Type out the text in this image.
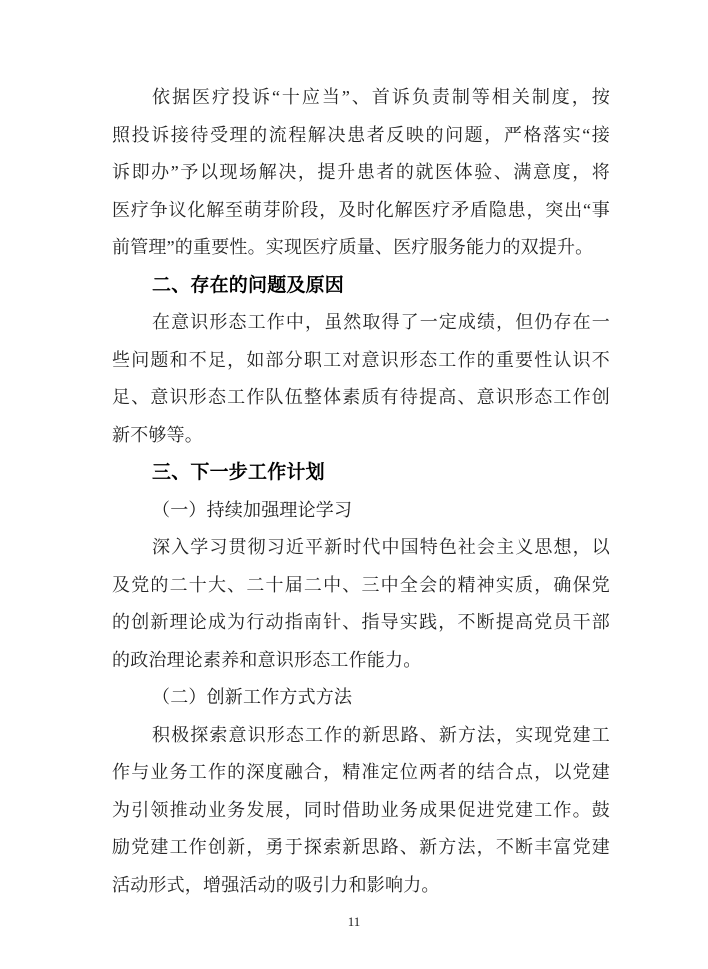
依据医疗投诉“十应当”、首诉负责制等相关制度，按
照投诉接待受理的流程解决患者反映的问题，严格落实“接
诉即办”予以现场解决，提升患者的就医体验、满意度，将
医疗争议化解至萌芽阶段，及时化解医疗矛盾隐患，突出“事
前管理”的重要性。实现医疗质量、医疗服务能力的双提升。
二、存在的问题及原因
在意识形态工作中，虽然取得了一定成绩，但仍存在一
些问题和不足，如部分职工对意识形态工作的重要性认识不
足、意识形态工作队伍整体素质有待提高、意识形态工作创
新不够等。
三、下一步工作计划
（一）持续加强理论学习
深入学习贯彻习近平新时代中国特色社会主义思想，以
及党的二十大、二十届二中、三中全会的精神实质，确保党
的创新理论成为行动指南针、指导实践，不断提高党员干部
的政治理论素养和意识形态工作能力。
（二）创新工作方式方法
积极探索意识形态工作的新思路、新方法，实现党建工
作与业务工作的深度融合，精准定位两者的结合点，以党建
为引领推动业务发展，同时借助业务成果促进党建工作。鼓
励党建工作创新，勇于探索新思路、新方法，不断丰富党建
活动形式，增强活动的吸引力和影响力。
11
